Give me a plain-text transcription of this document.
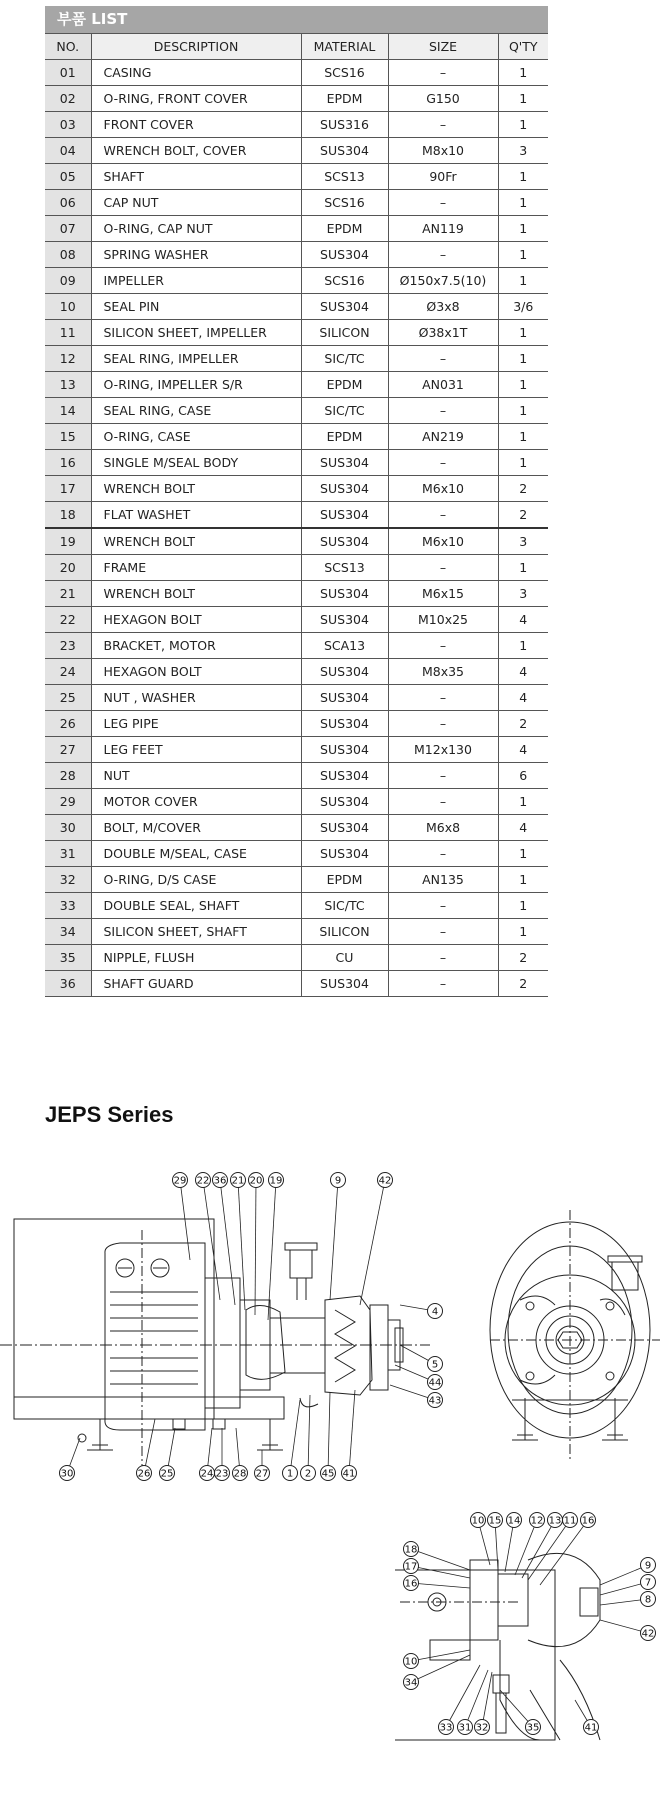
부품 LIST
NO.	DESCRIPTION	MATERIAL	SIZE	Q'TY
01	CASING	SCS16	–	1
02	O-RING, FRONT COVER	EPDM	G150	1
03	FRONT COVER	SUS316	–	1
04	WRENCH BOLT, COVER	SUS304	M8x10	3
05	SHAFT	SCS13	90Fr	1
06	CAP NUT	SCS16	–	1
07	O-RING, CAP NUT	EPDM	AN119	1
08	SPRING WASHER	SUS304	–	1
09	IMPELLER	SCS16	Ø150x7.5(10)	1
10	SEAL PIN	SUS304	Ø3x8	3/6
11	SILICON SHEET, IMPELLER	SILICON	Ø38x1T	1
12	SEAL RING, IMPELLER	SIC/TC	–	1
13	O-RING, IMPELLER S/R	EPDM	AN031	1
14	SEAL RING, CASE	SIC/TC	–	1
15	O-RING, CASE	EPDM	AN219	1
16	SINGLE M/SEAL BODY	SUS304	–	1
17	WRENCH BOLT	SUS304	M6x10	2
18	FLAT WASHET	SUS304	–	2
19	WRENCH BOLT	SUS304	M6x10	3
20	FRAME	SCS13	–	1
21	WRENCH BOLT	SUS304	M6x15	3
22	HEXAGON BOLT	SUS304	M10x25	4
23	BRACKET, MOTOR	SCA13	–	1
24	HEXAGON BOLT	SUS304	M8x35	4
25	NUT , WASHER	SUS304	–	4
26	LEG PIPE	SUS304	–	2
27	LEG FEET	SUS304	M12x130	4
28	NUT	SUS304	–	6
29	MOTOR COVER	SUS304	–	1
30	BOLT, M/COVER	SUS304	M6x8	4
31	DOUBLE M/SEAL, CASE	SUS304	–	1
32	O-RING, D/S CASE	EPDM	AN135	1
33	DOUBLE SEAL, SHAFT	SIC/TC	–	1
34	SILICON SHEET, SHAFT	SILICON	–	1
35	NIPPLE, FLUSH	CU	–	2
36	SHAFT GUARD	SUS304	–	2
JEPS Series
29 22 36 21 20 19	9	42
4
5
44
43
30	26 25	24 23 28 27 1 2 45 41
10 15 14 12 13 11 16
18
17
16
9
7
8
42
10
34
33 31 32	35	41
